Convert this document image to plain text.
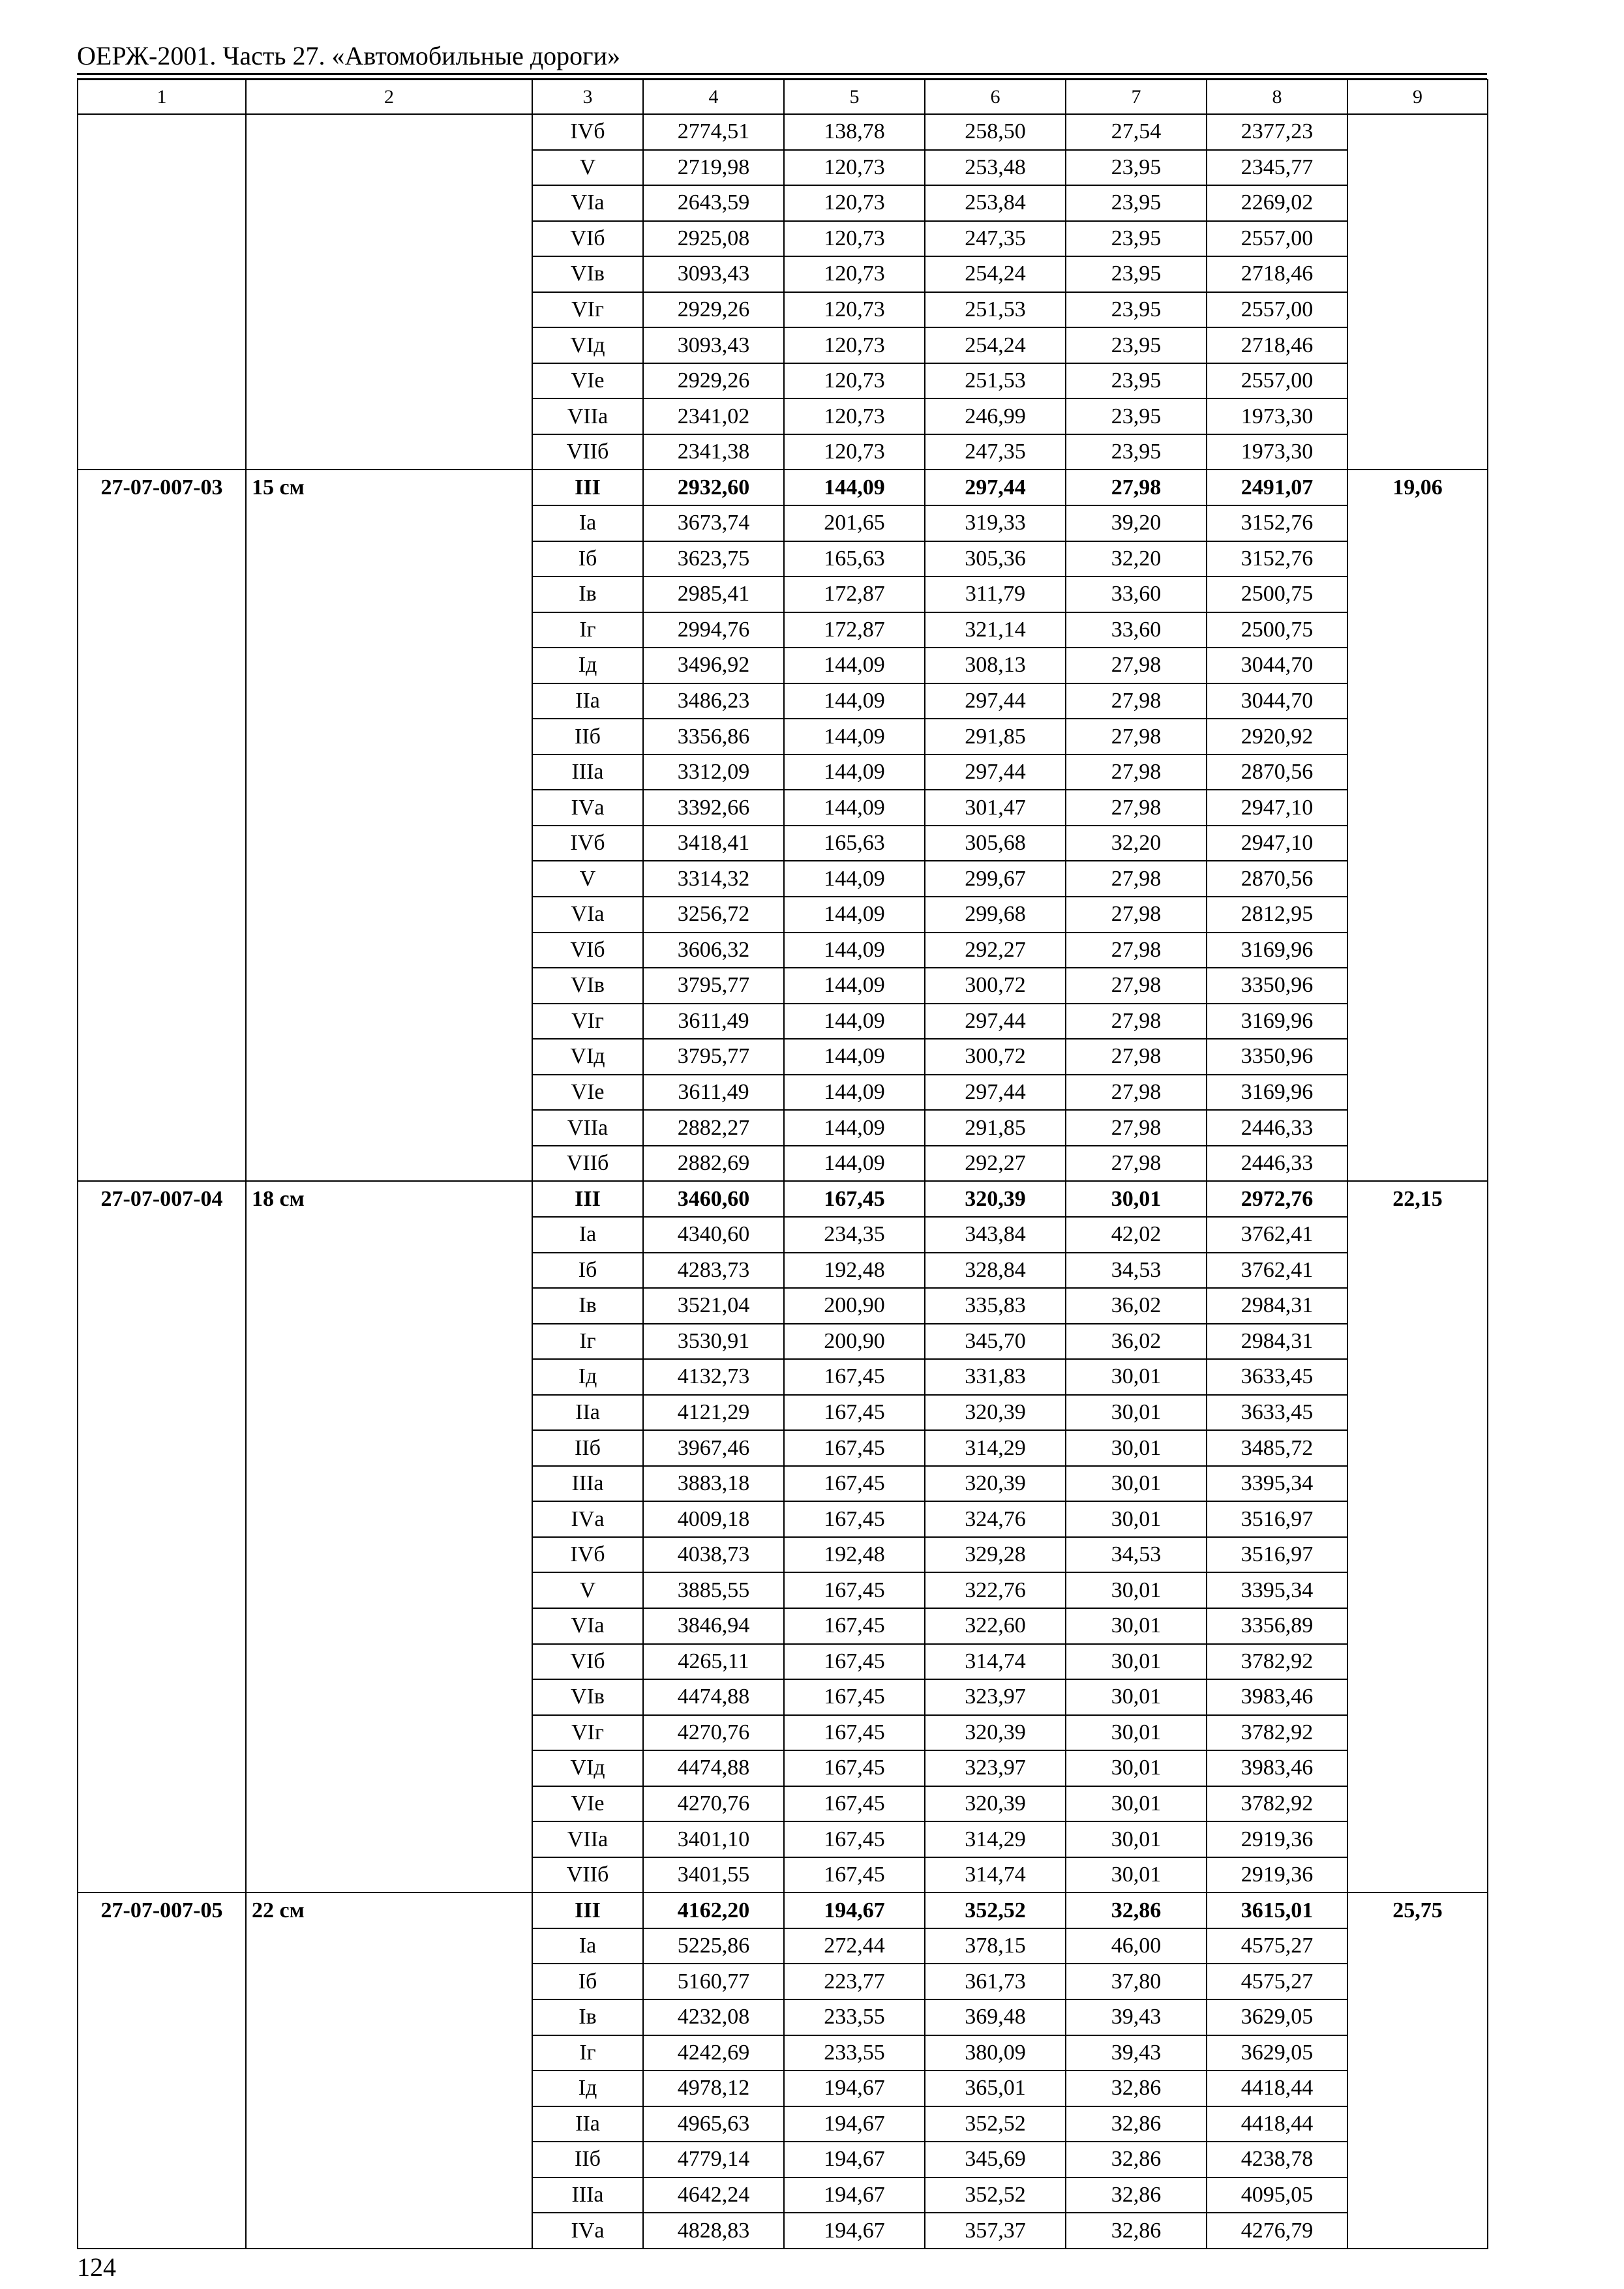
ОЕРЖ-2001. Часть 27. «Автомобильные дороги»
1	2	3	4	5	6	7	8	9
		IVб	2774,51	138,78	258,50	27,54	2377,23	
		V	2719,98	120,73	253,48	23,95	2345,77	
		VIа	2643,59	120,73	253,84	23,95	2269,02	
		VIб	2925,08	120,73	247,35	23,95	2557,00	
		VIв	3093,43	120,73	254,24	23,95	2718,46	
		VIг	2929,26	120,73	251,53	23,95	2557,00	
		VIд	3093,43	120,73	254,24	23,95	2718,46	
		VIе	2929,26	120,73	251,53	23,95	2557,00	
		VIIа	2341,02	120,73	246,99	23,95	1973,30	
		VIIб	2341,38	120,73	247,35	23,95	1973,30	
27-07-007-03	15 см	III	2932,60	144,09	297,44	27,98	2491,07	19,06
		Iа	3673,74	201,65	319,33	39,20	3152,76	
		Iб	3623,75	165,63	305,36	32,20	3152,76	
		Iв	2985,41	172,87	311,79	33,60	2500,75	
		Iг	2994,76	172,87	321,14	33,60	2500,75	
		Iд	3496,92	144,09	308,13	27,98	3044,70	
		IIа	3486,23	144,09	297,44	27,98	3044,70	
		IIб	3356,86	144,09	291,85	27,98	2920,92	
		IIIа	3312,09	144,09	297,44	27,98	2870,56	
		IVа	3392,66	144,09	301,47	27,98	2947,10	
		IVб	3418,41	165,63	305,68	32,20	2947,10	
		V	3314,32	144,09	299,67	27,98	2870,56	
		VIа	3256,72	144,09	299,68	27,98	2812,95	
		VIб	3606,32	144,09	292,27	27,98	3169,96	
		VIв	3795,77	144,09	300,72	27,98	3350,96	
		VIг	3611,49	144,09	297,44	27,98	3169,96	
		VIд	3795,77	144,09	300,72	27,98	3350,96	
		VIе	3611,49	144,09	297,44	27,98	3169,96	
		VIIа	2882,27	144,09	291,85	27,98	2446,33	
		VIIб	2882,69	144,09	292,27	27,98	2446,33	
27-07-007-04	18 см	III	3460,60	167,45	320,39	30,01	2972,76	22,15
		Iа	4340,60	234,35	343,84	42,02	3762,41	
		Iб	4283,73	192,48	328,84	34,53	3762,41	
		Iв	3521,04	200,90	335,83	36,02	2984,31	
		Iг	3530,91	200,90	345,70	36,02	2984,31	
		Iд	4132,73	167,45	331,83	30,01	3633,45	
		IIа	4121,29	167,45	320,39	30,01	3633,45	
		IIб	3967,46	167,45	314,29	30,01	3485,72	
		IIIа	3883,18	167,45	320,39	30,01	3395,34	
		IVа	4009,18	167,45	324,76	30,01	3516,97	
		IVб	4038,73	192,48	329,28	34,53	3516,97	
		V	3885,55	167,45	322,76	30,01	3395,34	
		VIа	3846,94	167,45	322,60	30,01	3356,89	
		VIб	4265,11	167,45	314,74	30,01	3782,92	
		VIв	4474,88	167,45	323,97	30,01	3983,46	
		VIг	4270,76	167,45	320,39	30,01	3782,92	
		VIд	4474,88	167,45	323,97	30,01	3983,46	
		VIе	4270,76	167,45	320,39	30,01	3782,92	
		VIIа	3401,10	167,45	314,29	30,01	2919,36	
		VIIб	3401,55	167,45	314,74	30,01	2919,36	
27-07-007-05	22 см	III	4162,20	194,67	352,52	32,86	3615,01	25,75
		Iа	5225,86	272,44	378,15	46,00	4575,27	
		Iб	5160,77	223,77	361,73	37,80	4575,27	
		Iв	4232,08	233,55	369,48	39,43	3629,05	
		Iг	4242,69	233,55	380,09	39,43	3629,05	
		Iд	4978,12	194,67	365,01	32,86	4418,44	
		IIа	4965,63	194,67	352,52	32,86	4418,44	
		IIб	4779,14	194,67	345,69	32,86	4238,78	
		IIIа	4642,24	194,67	352,52	32,86	4095,05	
		IVа	4828,83	194,67	357,37	32,86	4276,79	
124
